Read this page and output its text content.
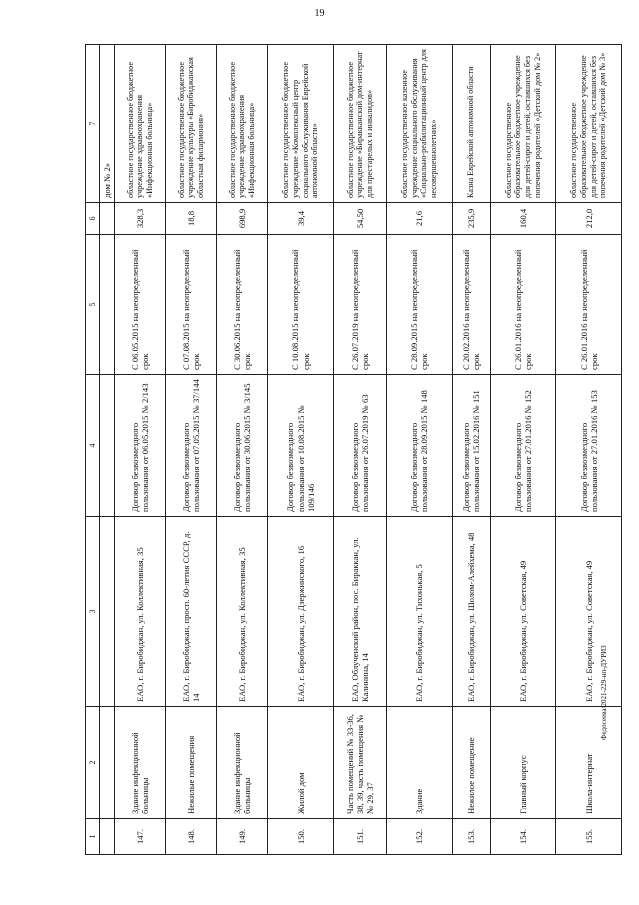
19
1	2	3	4	5	6	7
						дом № 2»
147.	Здание инфекционной больницы	ЕАО, г. Биробиджан, ул. Коллективная, 35	Договор безвозмездного пользования от 06.05.2015 № 2/143	С 06.05.2015 на неопределенный срок	328,3	областное государственное бюджетное учреждение здравоохранения «Инфекционная больница»
148.	Нежилые помещения	ЕАО, г. Биробиджан, просп. 60-летия СССР, д. 14	Договор безвозмездного пользования от 07.05.2015 № 37/144	С 07.08.2015 на неопределенный срок	18,8	областное государственное бюджетное учреждение культуры «Биробиджанская областная филармония»
149.	Здание инфекционной больницы	ЕАО, г. Биробиджан, ул. Коллективная, 35	Договор безвозмездного пользования от 30.06.2015 № 3/145	С 30.06.2015 на неопределенный срок	698,9	областное государственное бюджетное учреждение здравоохранения «Инфекционная больница»
150.	Жилой дом	ЕАО, г. Биробиджан, ул. Дзержинского, 16	Договор безвозмездного пользования от 10.08.2015 № 109/146	С 10.08.2015 на неопределенный срок	39,4	областное государственное бюджетное учреждение «Комплексный центр социального обслуживания Еврейской автономной области»
151.	Часть помещений № 33-36, 38, 39, часть помещения №№ 29, 37	ЕАО, Облученский район, пос. Бираккан, ул. Калинина, 14	Договор безвозмездного пользования от 26.07.2019 № 63	С 26.07.2019 на неопределенный срок	54,50	областное государственное бюджетное учреждение «Биракканский дом-интернат для престарелых и инвалидов»
152.	Здание	ЕАО, г. Биробиджан, ул. Тихонькая, 5	Договор безвозмездного пользования от 28.09.2015 № 148	С 28.09.2015 на неопределенный срок	21,6	областное государственное казенное учреждение социального обслуживания «Социально-реабилитационный центр для несовершеннолетних»
153.	Нежилое помещение	ЕАО, г. Биробиджан, ул. Шолом-Алейхема, 48	Договор безвозмездного пользования от 15.02.2016 № 151	С 20.02.2016 на неопределенный срок	235,9	Казна Еврейской автономной области
154.	Главный корпус	ЕАО, г. Биробиджан, ул. Советская, 49	Договор безвозмездного пользования от 27.01.2016 № 152	С 26.01.2016 на неопределенный срок	160,4	областное государственное образовательное бюджетное учреждение для детей-сирот и детей, оставшихся без попечения родителей «Детский дом № 2»
155.	Школа-интернат	ЕАО, г. Биробиджан, ул. Советская, 49	Договор безвозмездного пользования от 27.01.2016 № 153	С 26.01.2016 на неопределенный срок	212,0	областное государственное образовательное бюджетное учреждение для детей-сирот и детей, оставшихся без попечения родителей «Детский дом № 3»
Федосеева/2021-229-нп-ДУРИЗ
